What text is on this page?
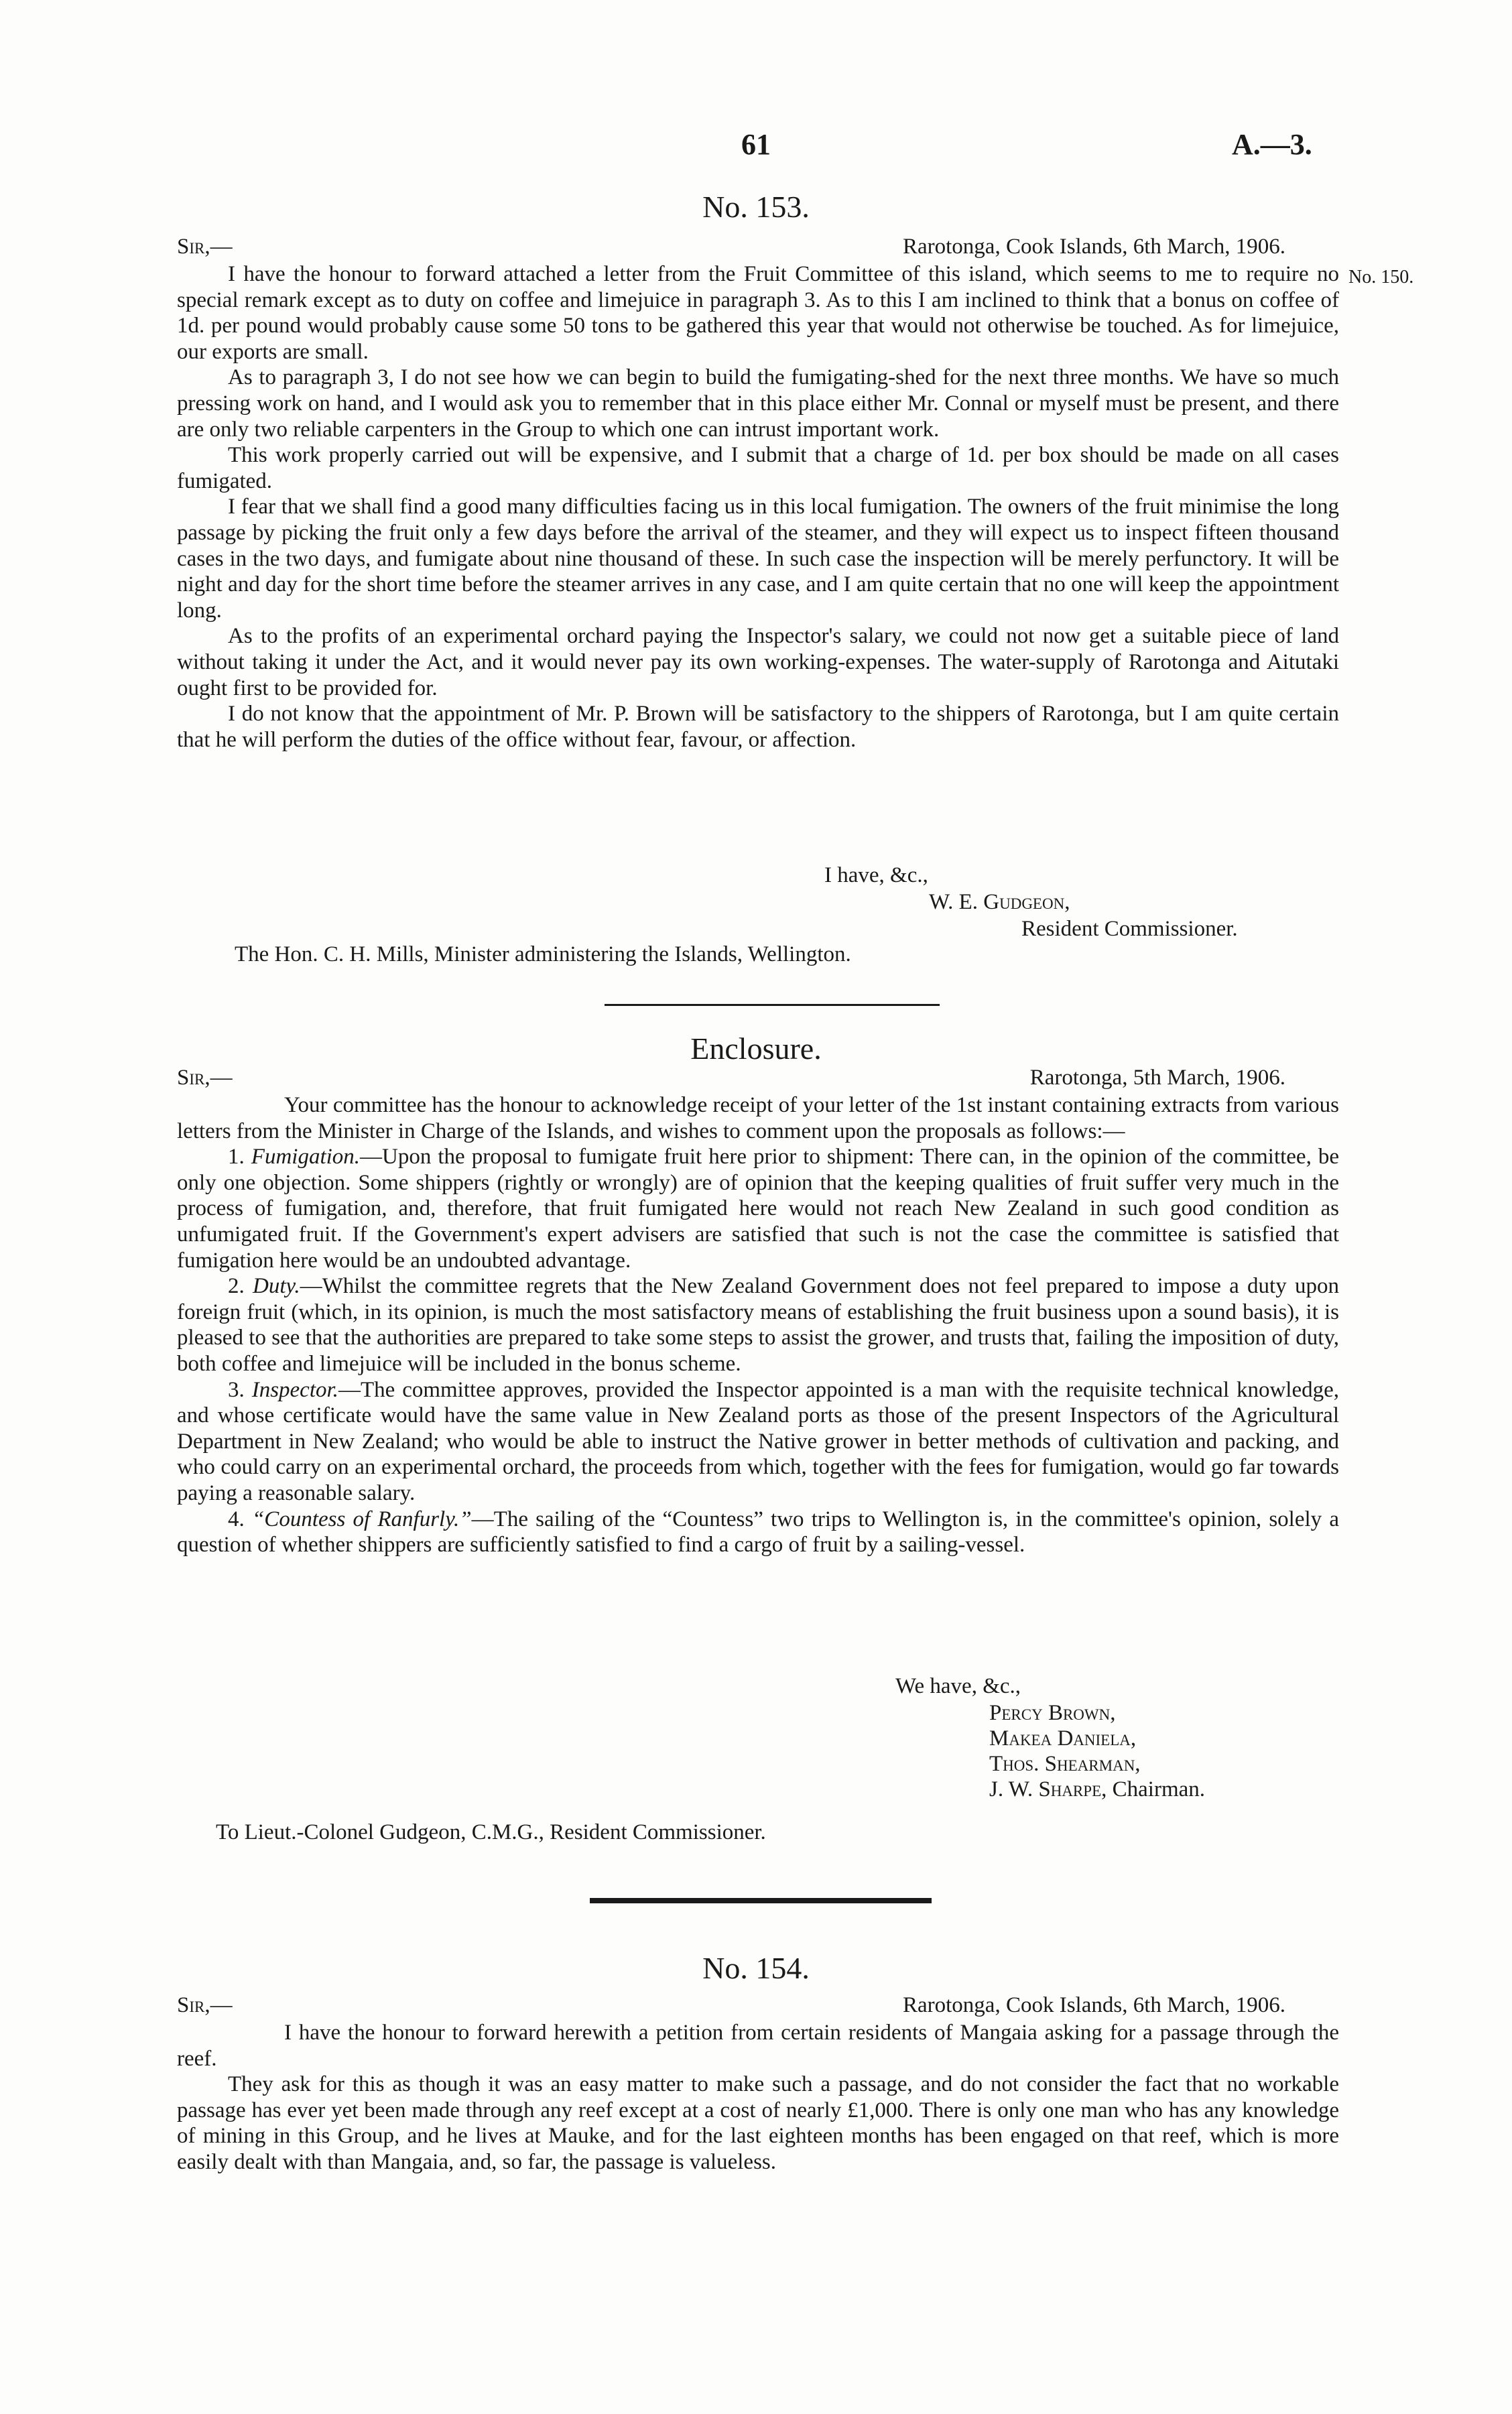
61	A.—3.
No. 153.
Sir,—	Rarotonga, Cook Islands, 6th March, 1906.
No. 150.

I have the honour to forward attached a letter from the Fruit Committee of this island, which seems to me to require no special remark except as to duty on coffee and limejuice in paragraph 3. As to this I am inclined to think that a bonus on coffee of 1d. per pound would probably cause some 50 tons to be gathered this year that would not otherwise be touched. As for limejuice, our exports are small.

As to paragraph 3, I do not see how we can begin to build the fumigating-shed for the next three months. We have so much pressing work on hand, and I would ask you to remember that in this place either Mr. Connal or myself must be present, and there are only two reliable carpenters in the Group to which one can intrust important work.

This work properly carried out will be expensive, and I submit that a charge of 1d. per box should be made on all cases fumigated.

I fear that we shall find a good many difficulties facing us in this local fumigation. The owners of the fruit minimise the long passage by picking the fruit only a few days before the arrival of the steamer, and they will expect us to inspect fifteen thousand cases in the two days, and fumigate about nine thousand of these. In such case the inspection will be merely perfunctory. It will be night and day for the short time before the steamer arrives in any case, and I am quite certain that no one will keep the appointment long.

As to the profits of an experimental orchard paying the Inspector's salary, we could not now get a suitable piece of land without taking it under the Act, and it would never pay its own working-expenses. The water-supply of Rarotonga and Aitutaki ought first to be provided for.

I do not know that the appointment of Mr. P. Brown will be satisfactory to the shippers of Rarotonga, but I am quite certain that he will perform the duties of the office without fear, favour, or affection.

I have, &c.,
W. E. Gudgeon,
Resident Commissioner.
The Hon. C. H. Mills, Minister administering the Islands, Wellington.
Enclosure.
Sir,—	Rarotonga, 5th March, 1906.

Your committee has the honour to acknowledge receipt of your letter of the 1st instant containing extracts from various letters from the Minister in Charge of the Islands, and wishes to comment upon the proposals as follows:—

1. Fumigation.—Upon the proposal to fumigate fruit here prior to shipment: There can, in the opinion of the committee, be only one objection. Some shippers (rightly or wrongly) are of opinion that the keeping qualities of fruit suffer very much in the process of fumigation, and, therefore, that fruit fumigated here would not reach New Zealand in such good condition as unfumigated fruit. If the Government's expert advisers are satisfied that such is not the case the committee is satisfied that fumigation here would be an undoubted advantage.

2. Duty.—Whilst the committee regrets that the New Zealand Government does not feel prepared to impose a duty upon foreign fruit (which, in its opinion, is much the most satisfactory means of establishing the fruit business upon a sound basis), it is pleased to see that the authorities are prepared to take some steps to assist the grower, and trusts that, failing the imposition of duty, both coffee and limejuice will be included in the bonus scheme.

3. Inspector.—The committee approves, provided the Inspector appointed is a man with the requisite technical knowledge, and whose certificate would have the same value in New Zealand ports as those of the present Inspectors of the Agricultural Department in New Zealand; who would be able to instruct the Native grower in better methods of cultivation and packing, and who could carry on an experimental orchard, the proceeds from which, together with the fees for fumigation, would go far towards paying a reasonable salary.

4. “Countess of Ranfurly.”—The sailing of the “Countess” two trips to Wellington is, in the committee's opinion, solely a question of whether shippers are sufficiently satisfied to find a cargo of fruit by a sailing-vessel.

We have, &c.,
Percy Brown,
Makea Daniela,
Thos. Shearman,
J. W. Sharpe, Chairman.
To Lieut.-Colonel Gudgeon, C.M.G., Resident Commissioner.
No. 154.
Sir,—	Rarotonga, Cook Islands, 6th March, 1906.

I have the honour to forward herewith a petition from certain residents of Mangaia asking for a passage through the reef.

They ask for this as though it was an easy matter to make such a passage, and do not consider the fact that no workable passage has ever yet been made through any reef except at a cost of nearly £1,000. There is only one man who has any knowledge of mining in this Group, and he lives at Mauke, and for the last eighteen months has been engaged on that reef, which is more easily dealt with than Mangaia, and, so far, the passage is valueless.
